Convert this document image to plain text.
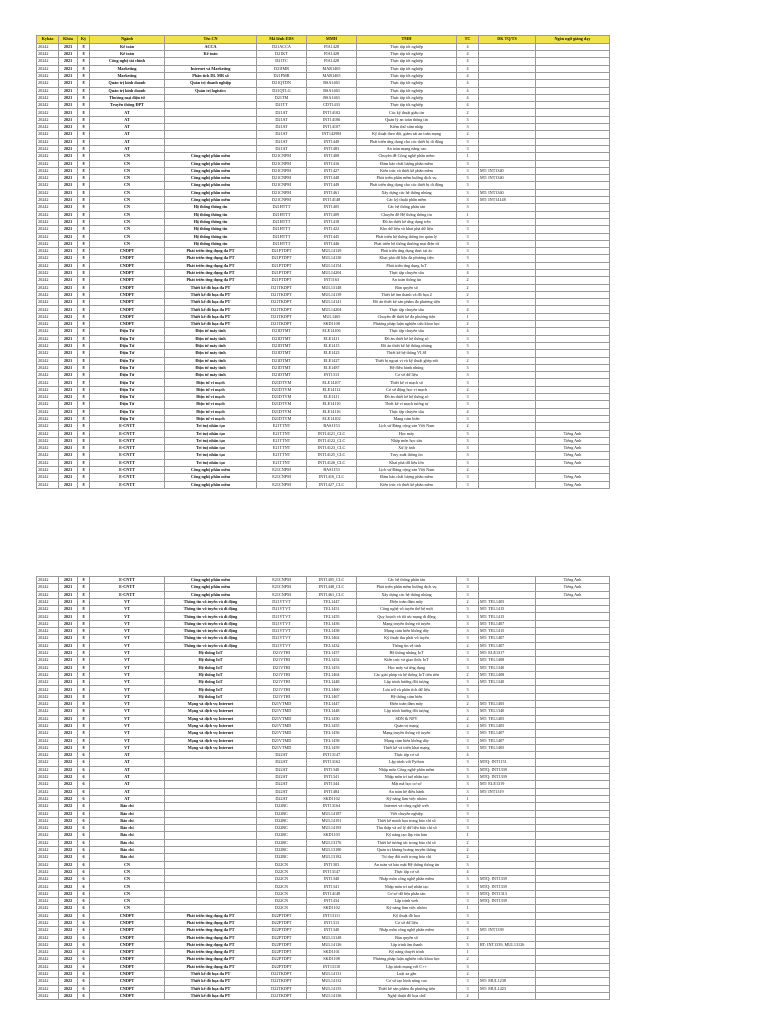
Kybảo	Khóa	Kỳ	Ngành	Tên CN	Mã lớnh EDS	MMH	TMH	TC	DK TQ/TS	Ngôn ngữ giảng dạy
20242	2023	8	Kế toán	ACCA	D21ACCA	FIA1428	Thực tập tốt nghiệp	4		
20242	2021	8	Kế toán	Kế toán	D21KT	FIA1428	Thực tập tốt nghiệp	4		
20242	2021	8	Công nghệ tài chính		D21TC	FIA1428	Thực tập tốt nghiệp	4		
20242	2021	8	Marketing	Internet và Marketing	D21IMR	MAR1465	Thực tập tốt nghiệp	4		
20242	2021	8	Marketing	Phân tích DL MR số	D21PMR	MAR1465	Thực tập tốt nghiệp	4		
20242	2021	8	Quản trị kinh doanh	Quản trị doanh nghiệp	D21QTDN	BSA1463	Thực tập tốt nghiệp	4		
20242	2021	8	Quản trị kinh doanh	Quản trị logistics	D21QTLG	BSA1463	Thực tập tốt nghiệp	4		
20242	2021	8	Thương mại điện tử		D21TM	BSA1463	Thực tập tốt nghiệp	4		
20242	2021	8	Truyền thông ĐPT		D21TT	CDT1433	Thực tập tốt nghiệp	4		
20242	2021	8	AT		D21AT	INT14102	Các kỹ thuật giấu tin	2		
20242	2021	8	AT		D21AT	INT14106	Quản lý an toàn thông tin	3		
20242	2021	8	AT		D21AT	INT14107	Kiểm thử xâm nhập	3		
20242	2021	8	AT		D21AT	INT1429M	Kỹ thuật theo dõi, giám sát an toàn mạng	2		
20242	2021	8	AT		D21AT	INT1449	Phát triển ứng dụng cho các thiết bị di động	3		
20242	2021	8	AT		D21AT	INT1483	An toàn mạng nâng cao	3		
20242	2021	8	CN	Công nghệ phần mềm	D21CNPM	INT1408	Chuyên đề Công nghệ phần mềm	1		
20242	2021	8	CN	Công nghệ phần mềm	D21CNPM	INT1416	Đảm bảo chất lượng phần mềm	3		
20242	2021	8	CN	Công nghệ phần mềm	D21CNPM	INT1427	Kiến trúc và thiết kế phần mềm	3	MT: INT1340	
20242	2021	8	CN	Công nghệ phần mềm	D21CNPM	INT1448	Phát triển phần mềm hướng dịch vụ	3	MT: INT1340	
20242	2021	8	CN	Công nghệ phần mềm	D21CNPM	INT1449	Phát triển ứng dụng cho các thiết bị di động	3		
20242	2021	8	CN	Công nghệ phần mềm	D21CNPM	INT1461	Xây dựng các hệ thống nhúng	3	MT: INT1340	
20242	2021	8	CN	Công nghệ phần mềm	D21CNPM	INT14148	Các kỹ thuật phần mềm	3	MT: INT14148	
20242	2021	8	CN	Hệ thống thông tin	D21HTTT	INT1405	Các hệ thống phân tán	3		
20242	2021	8	CN	Hệ thống thông tin	D21HTTT	INT1409	Chuyên đề Hệ thống thông tin	1		
20242	2021	8	CN	Hệ thống thông tin	D21HTTT	INT1418	Đồ án thiết kế ứng dụng trên	3		
20242	2021	8	CN	Hệ thống thông tin	D21HTTT	INT1422	Kho dữ liệu và khai phá dữ liệu	3		
20242	2021	8	CN	Hệ thống thông tin	D21HTTT	INT1445	Phát triển hệ thống thông tin quản lý	3		
20242	2021	8	CN	Hệ thống thông tin	D21HTTT	INT1446	Phát triển hệ thống thương mại điện tử	3		
20242	2021	8	CNDPT	Phát triển ứng dụng đa PT	D21PTDPT	MUL14129	Phát triển ứng dụng thực tại ảo	3		
20242	2021	8	CNDPT	Phát triển ứng dụng đa PT	D21PTDPT	MUL14130	Khai phá dữ liệu đa phương tiện	3		
20242	2021	8	CNDPT	Phát triển ứng dụng đa PT	D21PTDPT	MUL14154	Phát triển ứng dụng IoT	3		
20242	2021	8	CNDPT	Phát triển ứng dụng đa PT	D21PTDPT	MUL14204	Thực tập chuyên sâu	4		
20242	2021	8	CNDPT	Phát triển ứng dụng đa PT	D21PTDPT	INT1163	An toàn thông tin	2		
20242	2021	8	CNDPT	Thiết kế đồ họa đa PT	D21TKDPT	MUL13148	Bản quyền số	2		
20242	2021	8	CNDPT	Thiết kế đồ họa đa PT	D21TKDPT	MUL14139	Thiết kế âm thanh và đồ họa 2	2		
20242	2021	8	CNDPT	Thiết kế đồ họa đa PT	D21TKDPT	MUL14141	Đồ án thiết kế sản phẩm đa phương tiện	3		
20242	2021	8	CNDPT	Thiết kế đồ họa đa PT	D21TKDPT	MUL14204	Thực tập chuyên sâu	4		
20242	2021	8	CNDPT	Thiết kế đồ họa đa PT	D21TKDPT	MUL1465	Chuyên đề thiết kế đa phương tiện	1		
20242	2021	8	CNDPT	Thiết kế đồ họa đa PT	D21TKDPT	SKD1108	Phương pháp luận nghiên cứu khoa học	2		
20242	2021	8	Điện Tử	Điện tử máy tính	D21DTMT	ELE14106	Thực tập chuyên sâu	4		
20242	2021	8	Điện Tử	Điện tử máy tính	D21DTMT	ELE1411	Đồ án thiết kế hệ thống số	3		
20242	2021	8	Điện Tử	Điện tử máy tính	D21DTMT	ELE1413	Đồ án thiết kế hệ thống nhúng	3		
20242	2021	8	Điện Tử	Điện tử máy tính	D21DTMT	ELE1423	Thiết kế hệ thống VLSI	3		
20242	2021	8	Điện Tử	Điện tử máy tính	D21DTMT	ELE1427	Thiết bị ngoại vi và kỹ thuật ghép nối	2		
20242	2021	8	Điện Tử	Điện tử máy tính	D21DTMT	ELE1487	Hệ điều hành nhúng	3		
20242	2021	8	Điện Tử	Điện tử máy tính	D21DTMT	INT1313	Cơ sở dữ liệu	3		
20242	2021	8	Điện Tử	Điện tử vi mạch	D21DTVM	ELE14107	Thiết kế vi mạch số	3		
20242	2021	8	Điện Tử	Điện tử vi mạch	D21DTVM	ELE14112	Cơ sở động học vi mạch	2		
20242	2021	8	Điện Tử	Điện tử vi mạch	D21DTVM	ELE1411	Đồ án thiết kế hệ thống số	3		
20242	2021	8	Điện Tử	Điện tử vi mạch	D21DTVM	ELE14110	Thiết kế vi mạch tương tự	3		
20242	2021	8	Điện Tử	Điện tử vi mạch	D21DTVM	ELE14116	Thực tập chuyên sâu	4		
20242	2021	8	Điện Tử	Điện tử vi mạch	D21DTVM	ELE14102	Mạng cảm biến	3		
20242	2021	8	E-CNTT	Trí tuệ nhân tạo	E21TTNT	BAS1153	Lịch sử Đảng cộng sản Việt Nam	2		
20242	2021	8	E-CNTT	Trí tuệ nhân tạo	E21TTNT	INT14121_CLC	Học máy	3		Tiếng Anh
20242	2021	8	E-CNTT	Trí tuệ nhân tạo	E21TTNT	INT14122_CLC	Nhập môn học sâu	3		Tiếng Anh
20242	2021	8	E-CNTT	Trí tuệ nhân tạo	E21TTNT	INT14123_CLC	Xử lý ảnh	3		Tiếng Anh
20242	2021	8	E-CNTT	Trí tuệ nhân tạo	E21TTNT	INT14125_CLC	Truy xuất thông tin	3		Tiếng Anh
20242	2021	8	E-CNTT	Trí tuệ nhân tạo	E21TTNT	INT14126_CLC	Khai phá dữ liệu lớn	3		Tiếng Anh
20242	2021	8	E-CNTT	Công nghệ phần mềm	E21CNPM	BAS1153	Lịch sử Đảng cộng sản Việt Nam	2		
20242	2021	8	E-CNTT	Công nghệ phần mềm	E21CNPM	INT1416_CLC	Đảm bảo chất lượng phần mềm	3		Tiếng Anh
20242	2021	8	E-CNTT	Công nghệ phần mềm	E21CNPM	INT1427_CLC	Kiến trúc và thiết kế phần mềm	3		Tiếng Anh
20242	2021	8	E-CNTT	Công nghệ phần mềm	E21CNPM	INT1405_CLC	Các hệ thống phân tán	3		Tiếng Anh
20242	2021	8	E-CNTT	Công nghệ phần mềm	E21CNPM	INT1448_CLC	Phát triển phần mềm hướng dịch vụ	3		Tiếng Anh
20242	2021	8	E-CNTT	Công nghệ phần mềm	E21CNPM	INT1461_CLC	Xây dựng các hệ thống nhúng	3		Tiếng Anh
20242	2021	8	VT	Thông tin vô tuyến và di động	D21VTVT	TEL1447	Điện toán đám mây	2	MT: TEL1405	
20242	2021	8	VT	Thông tin vô tuyến và di động	D21VTVT	TEL1451	Công nghệ vô tuyến thế hệ mới	3	MT: TEL1415	
20242	2021	8	VT	Thông tin vô tuyến và di động	D21VTVT	TEL1455	Quy hoạch và tối ưu mạng di động	3	MT: TEL1415	
20242	2021	8	VT	Thông tin vô tuyến và di động	D21VTVT	TEL1456	Mạng truyền thông vô tuyến	3	MT: TEL1407	
20242	2021	8	VT	Thông tin vô tuyến và di động	D21VTVT	TEL1458	Mạng cảm biến không dây	3	MT: TEL1415	
20242	2021	8	VT	Thông tin vô tuyến và di động	D21VTVT	TEL1462	Kỹ thuật thu phát vô tuyến	3	MT: TEL1407	
20242	2021	8	VT	Thông tin vô tuyến và di động	D21VTVT	TEL1432	Thông tin vệ tinh	2	MT: TEL1407	
20242	2021	8	VT	Hệ thống IoT	D21VTHI	TEL1457	Hệ thống nhúng IoT	3	MT: ELE1317	
20242	2021	8	VT	Hệ thống IoT	D21VTHI	TEL1452	Kiến trúc và giao thức IoT	3	MT: TEL1408	
20242	2021	8	VT	Hệ thống IoT	D21VTHI	TEL1453	Học máy và ứng dụng	3	MT: TEL1340	
20242	2021	8	VT	Hệ thống IoT	D21VTHI	TEL1464	Các giải pháp và hệ thống IoT tiên tiến	2	MT: TEL1408	
20242	2021	8	VT	Hệ thống IoT	D21VTHI	TEL1448	Lập trình hướng đối tượng	3	MT: TEL1340	
20242	2021	8	VT	Hệ thống IoT	D21VTHI	TEL1460	Lưu trữ và phân tích dữ liệu	3		
20242	2021	8	VT	Hệ thống IoT	D21VTHI	TEL1467	Hệ thống cảm biến	3		
20242	2021	8	VT	Mạng và dịch vụ Internet	D21VTMD	TEL1447	Điện toán đám mây	2	MT: TEL1405	
20242	2021	8	VT	Mạng và dịch vụ Internet	D21VTMD	TEL1448	Lập trình hướng đối tượng	3	MT: TEL1340	
20242	2021	8	VT	Mạng và dịch vụ Internet	D21VTMD	TEL1450	SDN & NFV	2	MT: TEL1405	
20242	2021	8	VT	Mạng và dịch vụ Internet	D21VTMD	TEL1455	Quản trị mạng	2	MT: TEL1405	
20242	2021	8	VT	Mạng và dịch vụ Internet	D21VTMD	TEL1456	Mạng truyền thông vô tuyến	3	MT: TEL1407	
20242	2021	8	VT	Mạng và dịch vụ Internet	D21VTMD	TEL1458	Mạng cảm biến không dây	3	MT: TEL1407	
20242	2021	8	VT	Mạng và dịch vụ Internet	D21VTMD	TEL1459	Thiết kế và triển khai mạng	3	MT: TEL1405	
20242	2022	6	AT		D22AT	INT13147	Thực tập cơ sở	4		
20242	2022	6	AT		D22AT	INT13162	Lập trình với Python	3	MTQ: INT1151	
20242	2022	6	AT		D22AT	INT1340	Nhập môn Công nghệ phần mềm	3	MTQ: INT1339	
20242	2022	6	AT		D22AT	INT1341	Nhập môn trí tuệ nhân tạo	3	MTQ: INT1339	
20242	2022	6	AT		D22AT	INT1344	Mật mã học cơ sở	3	MT: ELE1319	
20242	2022	6	AT		D22AT	INT1484	An toàn hệ điều hành	3	MT: INT1319	
20242	2022	6	AT		D22AT	SKD1102	Kỹ năng làm việc nhóm	1		
20242	2022	6	Báo chí		D22BC	INT13164	Internet và công nghệ web	3		
20242	2022	6	Báo chí		D22BC	MUL14187	Viết chuyên nghiệp	3		
20242	2022	6	Báo chí		D22BC	MUL14191	Thiết kế minh họa trong báo chí số	3		
20242	2022	6	Báo chí		D22BC	MUL14193	Thu thập và xử lý dữ liệu báo chí số	3		
20242	2022	6	Báo chí		D22BC	SKD1103	Kỹ năng tạo lập văn bản	1		
20242	2022	6	Báo chí		D22BC	MUL13176	Thiết kế tương tác trong báo chí số	2		
20242	2022	6	Báo chí		D22BC	MUL13180	Quản trị khủng hoảng truyền thông	2		
20242	2022	6	Báo chí		D22BC	MUL13182	Tư duy đổi mới trong báo chí	2		
20242	2022	6	CN		D22CN	INT1303	An toàn và bảo mật Hệ thống thông tin	3		
20242	2022	6	CN		D22CN	INT13147	Thực tập cơ sở	4		
20242	2022	6	CN		D22CN	INT1340	Nhập môn công nghệ phần mềm	3	MTQ: INT1339	
20242	2022	6	CN		D22CN	INT1341	Nhập môn trí tuệ nhân tạo	3	MTQ: INT1339	
20242	2022	6	CN		D22CN	INT14148	Cơ sở dữ liệu phân tán	3	MTQ: INT1313	
20242	2022	6	CN		D22CN	INT1434	Lập trình web	3	MTQ: INT1339	
20242	2022	6	CN		D22CN	SKD1102	Kỹ năng làm việc nhóm	1		
20242	2022	6	CNDPT	Phát triển ứng dụng đa PT	D22PTDPT	INT13111	Kỹ thuật đồ họa	3		
20242	2022	6	CNDPT	Phát triển ứng dụng đa PT	D22PTDPT	INT1313	Cơ sở dữ liệu	3		
20242	2022	6	CNDPT	Phát triển ứng dụng đa PT	D22PTDPT	INT1340	Nhập môn công nghệ phần mềm	3	MT: INT1339	
20242	2022	6	CNDPT	Phát triển ứng dụng đa PT	D22PTDPT	MUL13148	Bản quyền số	2		
20242	2022	6	CNDPT	Phát triển ứng dụng đa PT	D22PTDPT	MUL14126	Lập trình âm thanh	3	RT: INT1339, MUL13126	
20242	2022	6	CNDPT	Phát triển ứng dụng đa PT	D22PTDPT	SKD1101	Kỹ năng thuyết trình	1		
20242	2022	6	CNDPT	Phát triển ứng dụng đa PT	D22PTDPT	SKD1108	Phương pháp luận nghiên cứu khoa học	2		
20242	2022	6	CNDPT	Phát triển ứng dụng đa PT	D22PTDPT	INT13110	Lập trình mạng với C++	3		
20242	2022	6	CNDPT	Thiết kế đồ họa đa PT	D22TKDPT	MUL14131	Luật xa gần	2		
20242	2022	6	CNDPT	Thiết kế đồ họa đa PT	D22TKDPT	MUL14132	Cơ sở tạo hình nâng cao	3	MT: MUL1238	
20242	2022	6	CNDPT	Thiết kế đồ họa đa PT	D22TKDPT	MUL14135	Thiết kế sản phẩm đa phương tiện	3	MT: MUL1423	
20242	2022	6	CNDPT	Thiết kế đồ họa đa PT	D22TKDPT	MUL14136	Nghệ thuật đồ họa chữ	2		
